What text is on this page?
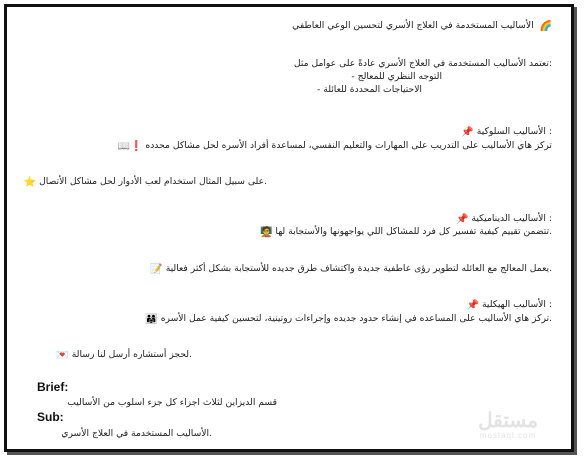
🌈 الأساليب المستخدمة في العلاج الأسري لتحسين الوعي العاطفي
:تعتمد الأساليب المستخدمة في العلاج الأسري عادةً على عوامل مثل
التوجه النظري للمعالج -
الاحتياجات المحددة للعائلة -
: الأساليب السلوكية 📌
تركز هاي الأساليب على التدريب على المهارات والتعليم النفسي، لمساعدة أفراد الأسره لحل مشاكل محدده ❗📖
.على سبيل المثال استخدام لعب الأدوار لحل مشاكل الأتصال ⭐
: الأساليب الديناميكية 📌
.تتضمن تقييم كيفية تفسير كل فرد للمشاكل اللي يواجهونها والأستجابة لها 🧑‍🏫
.يعمل المعالج مع العائله لتطوير رؤى عاطفية جديدة واكتشاف طرق جديده للأستجابة بشكل أكثر فعالية 📝
: الأساليب الهيكلية 📌
.تركز هاي الأساليب على المساعده في إنشاء حدود جديده وإجراءات روتينية، لتحسين كيفية عمل الأسره 👨‍👩‍👧
.لحجز أستشاره أرسل لنا رسالة 💌
Brief:
قسم الديزاين لثلاث اجزاء كل جزء اسلوب من الأساليب
Sub:
.الأساليب المستخدمة في العلاج الأسري
مستقل
mostaql.com
